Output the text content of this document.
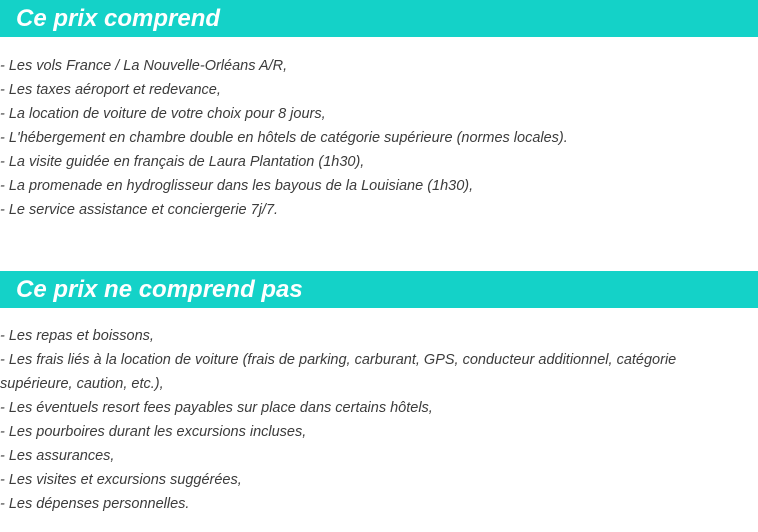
Ce prix comprend
- Les vols France / La Nouvelle-Orléans A/R,
- Les taxes aéroport et redevance,
- La location de voiture de votre choix pour 8 jours,
- L'hébergement en chambre double en hôtels de catégorie supérieure (normes locales).
- La visite guidée en français de Laura Plantation (1h30),
- La promenade en hydroglisseur dans les bayous de la Louisiane (1h30),
- Le service assistance et conciergerie 7j/7.
Ce prix ne comprend pas
- Les repas et boissons,
- Les frais liés à la location de voiture (frais de parking, carburant, GPS, conducteur additionnel, catégorie supérieure, caution, etc.),
- Les éventuels resort fees payables sur place dans certains hôtels,
- Les pourboires durant les excursions incluses,
- Les assurances,
- Les visites et excursions suggérées,
- Les dépenses personnelles.
